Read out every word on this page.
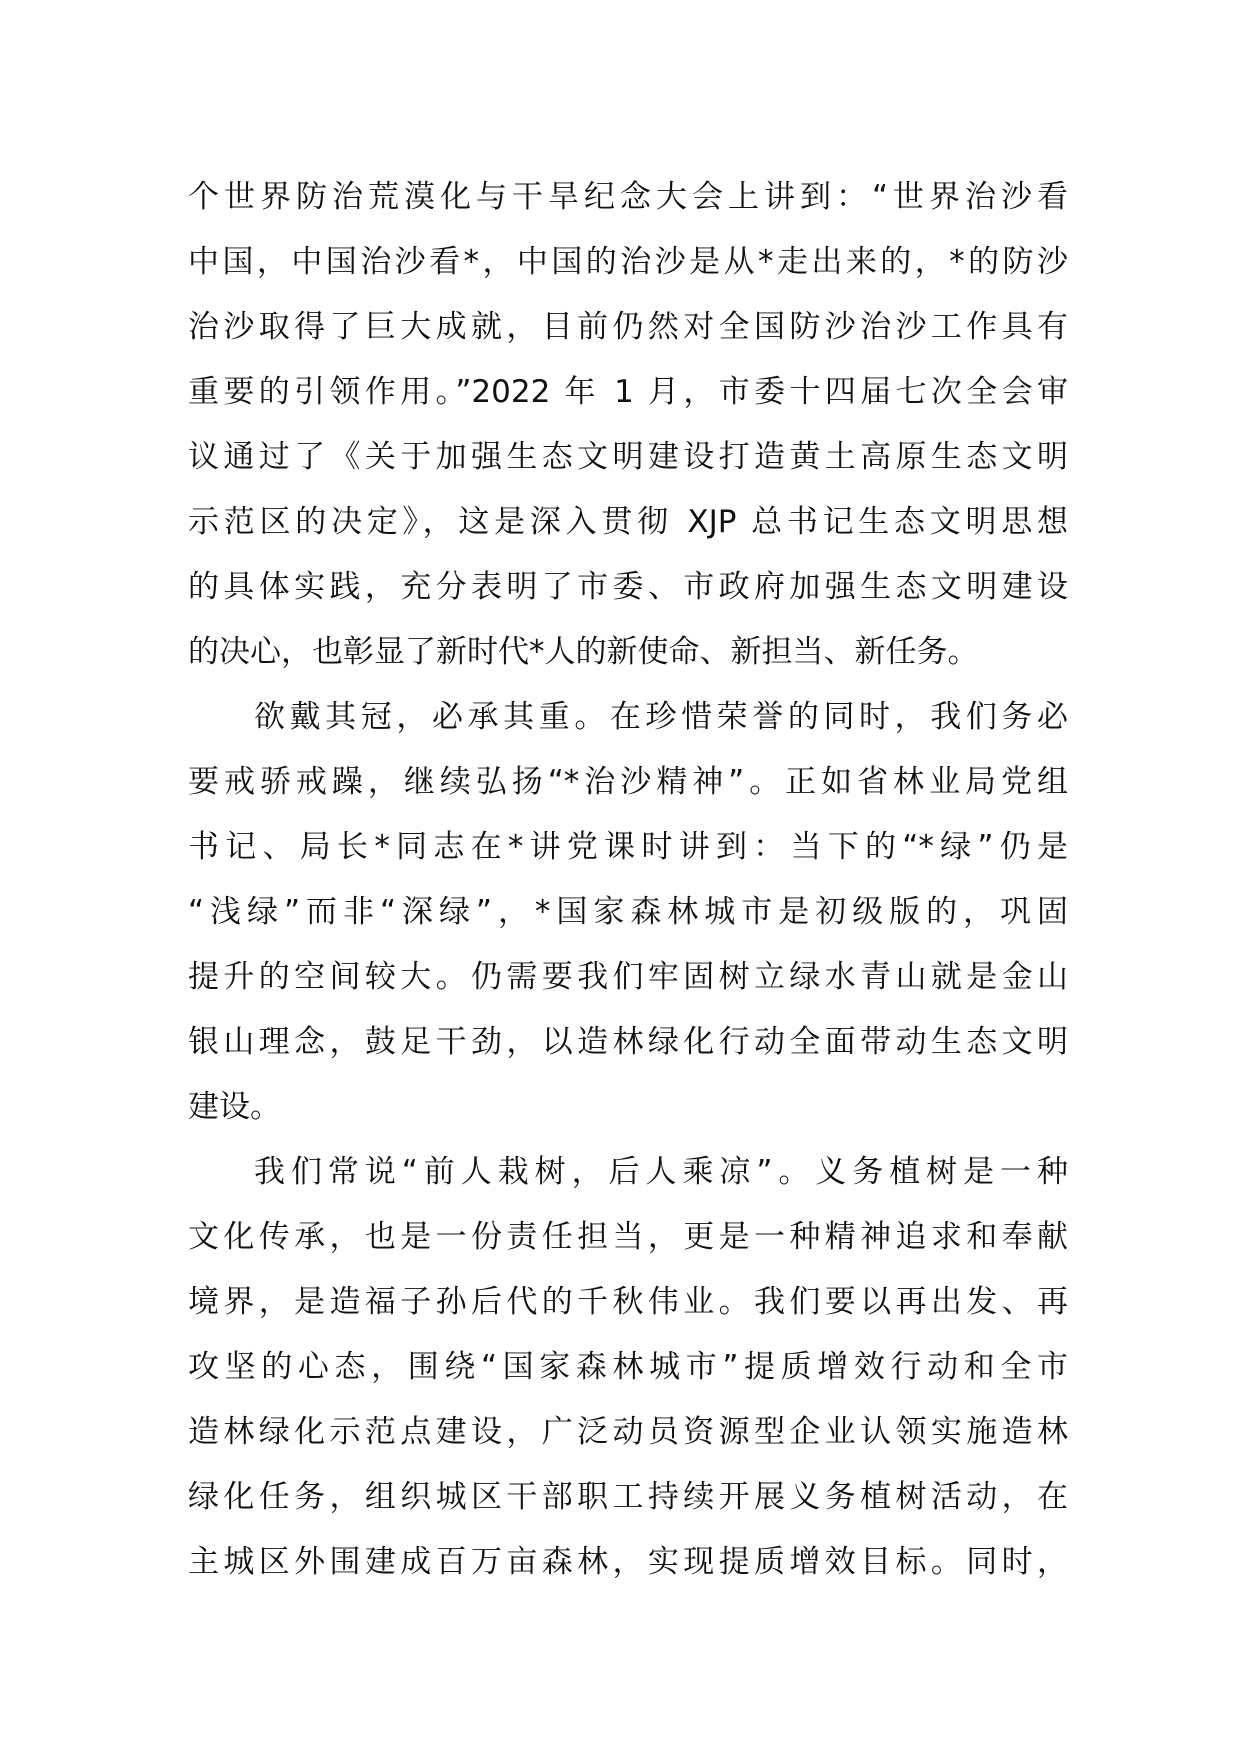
个世界防治荒漠化与干旱纪念大会上讲到：“世界治沙看
中国，中国治沙看*，中国的治沙是从*走出来的，*的防沙
治沙取得了巨大成就，目前仍然对全国防沙治沙工作具有
重要的引领作用。”2022 年 1 月，市委十四届七次全会审
议通过了《关于加强生态文明建设打造黄土高原生态文明
示范区的决定》，这是深入贯彻 XJP 总书记生态文明思想
的具体实践，充分表明了市委、市政府加强生态文明建设
的决心，也彰显了新时代*人的新使命、新担当、新任务。
欲戴其冠，必承其重。在珍惜荣誉的同时，我们务必
要戒骄戒躁，继续弘扬“*治沙精神”。正如省林业局党组
书记、局长*同志在*讲党课时讲到：当下的“*绿”仍是
“浅绿”而非“深绿”，*国家森林城市是初级版的，巩固
提升的空间较大。仍需要我们牢固树立绿水青山就是金山
银山理念，鼓足干劲，以造林绿化行动全面带动生态文明
建设。
我们常说“前人栽树，后人乘凉”。义务植树是一种
文化传承，也是一份责任担当，更是一种精神追求和奉献
境界，是造福子孙后代的千秋伟业。我们要以再出发、再
攻坚的心态，围绕“国家森林城市”提质增效行动和全市
造林绿化示范点建设，广泛动员资源型企业认领实施造林
绿化任务，组织城区干部职工持续开展义务植树活动，在
主城区外围建成百万亩森林，实现提质增效目标。同时，
